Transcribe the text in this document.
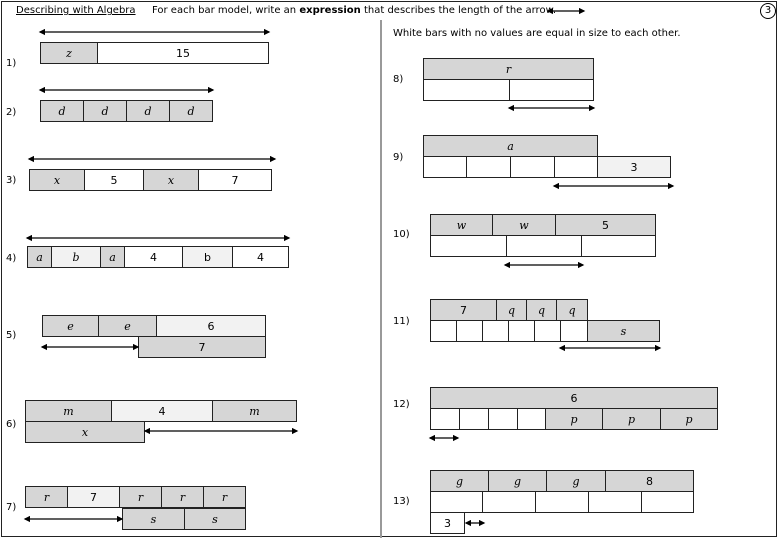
Describing with Algebra For each bar model, write an expression that describes the length of the arrow.	3
White bars with no values are equal in size to each other.
1)
2)
3)
4)
5)
6)
7)
8)
9)
10)
11)
12)
13)
z	15
d	d	d	d
x	5	x	7
a	b	a	4	b	4
e	e	6
7
m	4	m
x
r	7	r	r	r
s	s
r
a
3
w	w	5
7	q	q	q
s
6
p	p	p
g	g	g	8
3
